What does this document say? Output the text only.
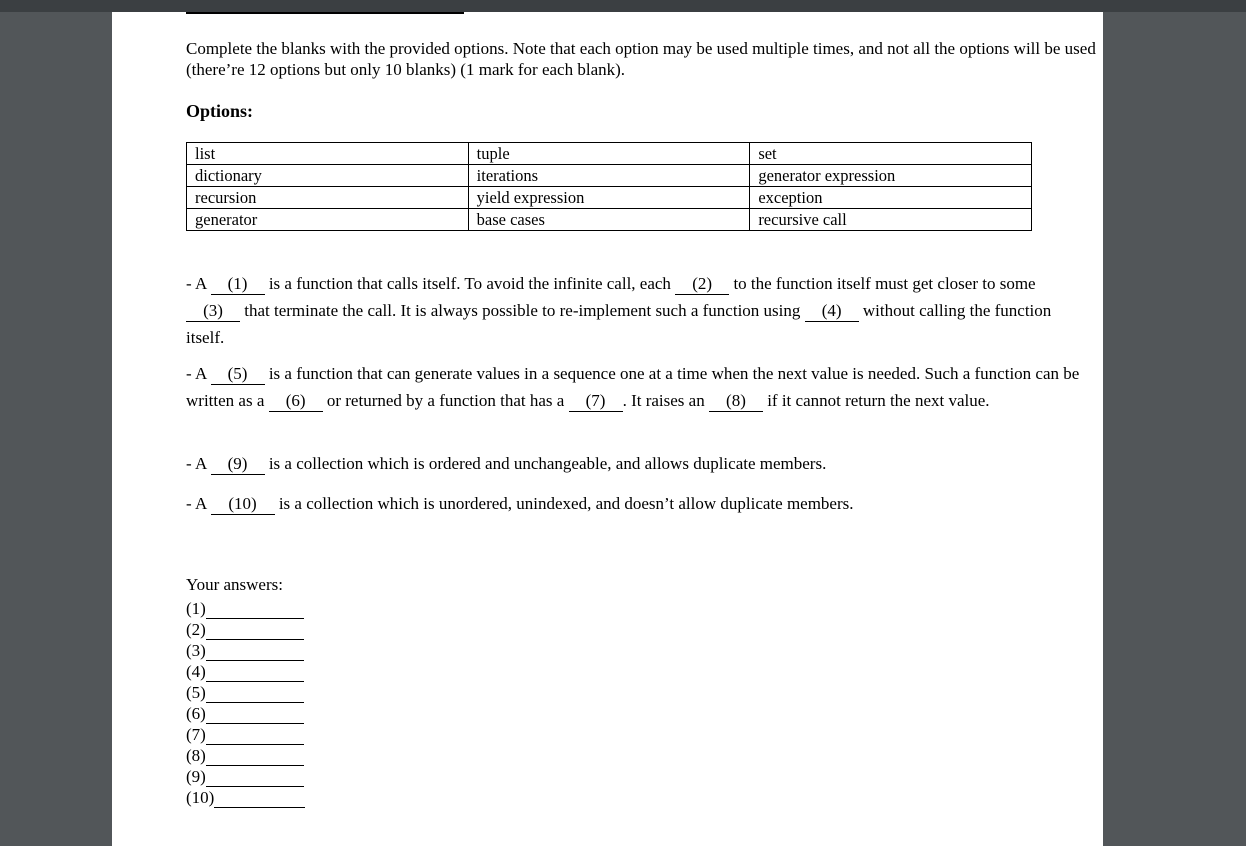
Complete the blanks with the provided options. Note that each option may be used multiple times, and not all the options will be used (there’re 12 options but only 10 blanks) (1 mark for each blank).
Options:
list	tuple	set
dictionary	iterations	generator expression
recursion	yield expression	exception
generator	base cases	recursive call
- A (1) is a function that calls itself. To avoid the infinite call, each (2) to the function itself must get closer to some (3) that terminate the call. It is always possible to re-implement such a function using (4) without calling the function itself.
- A (5) is a function that can generate values in a sequence one at a time when the next value is needed. Such a function can be written as a (6) or returned by a function that has a (7) . It raises an (8) if it cannot return the next value.
- A (9) is a collection which is ordered and unchangeable, and allows duplicate members.
- A (10) is a collection which is unordered, unindexed, and doesn’t allow duplicate members.
Your answers:
(1)
(2)
(3)
(4)
(5)
(6)
(7)
(8)
(9)
(10)
